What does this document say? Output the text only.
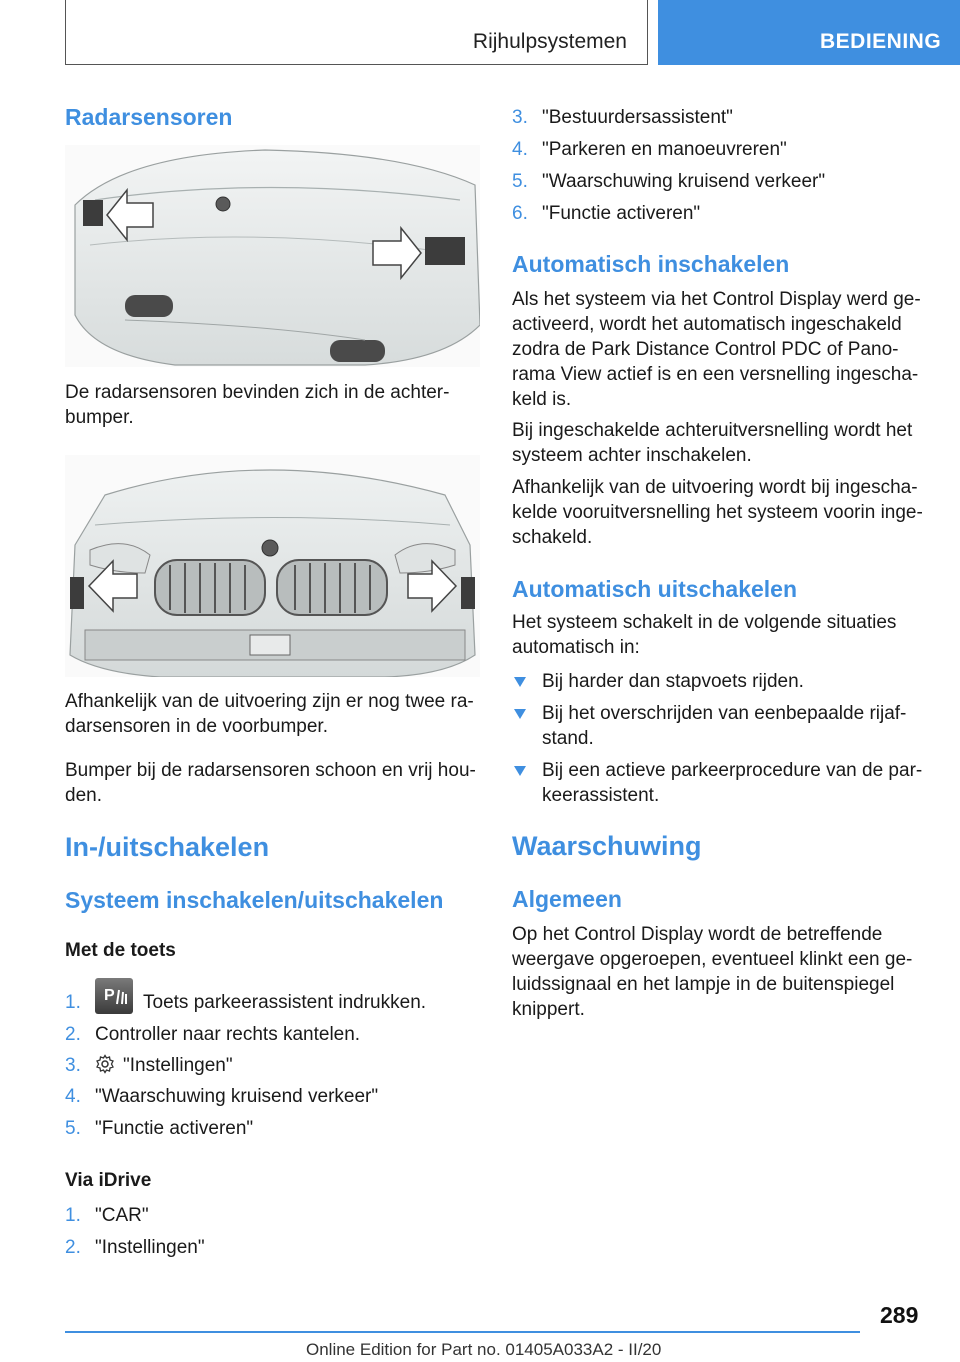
Rijhulpsystemen	BEDIENING
Radarsensoren

De radarsensoren bevinden zich in de achter-
bumper.

Afhankelijk van de uitvoering zijn er nog twee ra-
darsensoren in de voorbumper.

Bumper bij de radarsensoren schoon en vrij hou-
den.

In-/uitschakelen
Systeem inschakelen/uitschakelen
Met de toets
1. P Toets parkeerassistent indrukken.
2. Controller naar rechts kantelen.
3. "Instellingen"
4. "Waarschuwing kruisend verkeer"
5. "Functie activeren"
Via iDrive
1. "CAR"
2. "Instellingen"
3. "Bestuurdersassistent"
4. "Parkeren en manoeuvreren"
5. "Waarschuwing kruisend verkeer"
6. "Functie activeren"
Automatisch inschakelen

Als het systeem via het Control Display werd ge-
activeerd, wordt het automatisch ingeschakeld
zodra de Park Distance Control PDC of Pano-
rama View actief is en een versnelling ingescha-
keld is.

Bij ingeschakelde achteruitversnelling wordt het
systeem achter inschakelen.

Afhankelijk van de uitvoering wordt bij ingescha-
kelde vooruitversnelling het systeem voorin inge-
schakeld.

Automatisch uitschakelen

Het systeem schakelt in de volgende situaties
automatisch in:

Bij harder dan stapvoets rijden.
Bij het overschrijden van eenbepaalde rijaf-
stand.
Bij een actieve parkeerprocedure van de par-
keerassistent.
Waarschuwing
Algemeen

Op het Control Display wordt de betreffende
weergave opgeroepen, eventueel klinkt een ge-
luidssignaal en het lampje in de buitenspiegel
knippert.

289
Online Edition for Part no. 01405A033A2 - II/20
